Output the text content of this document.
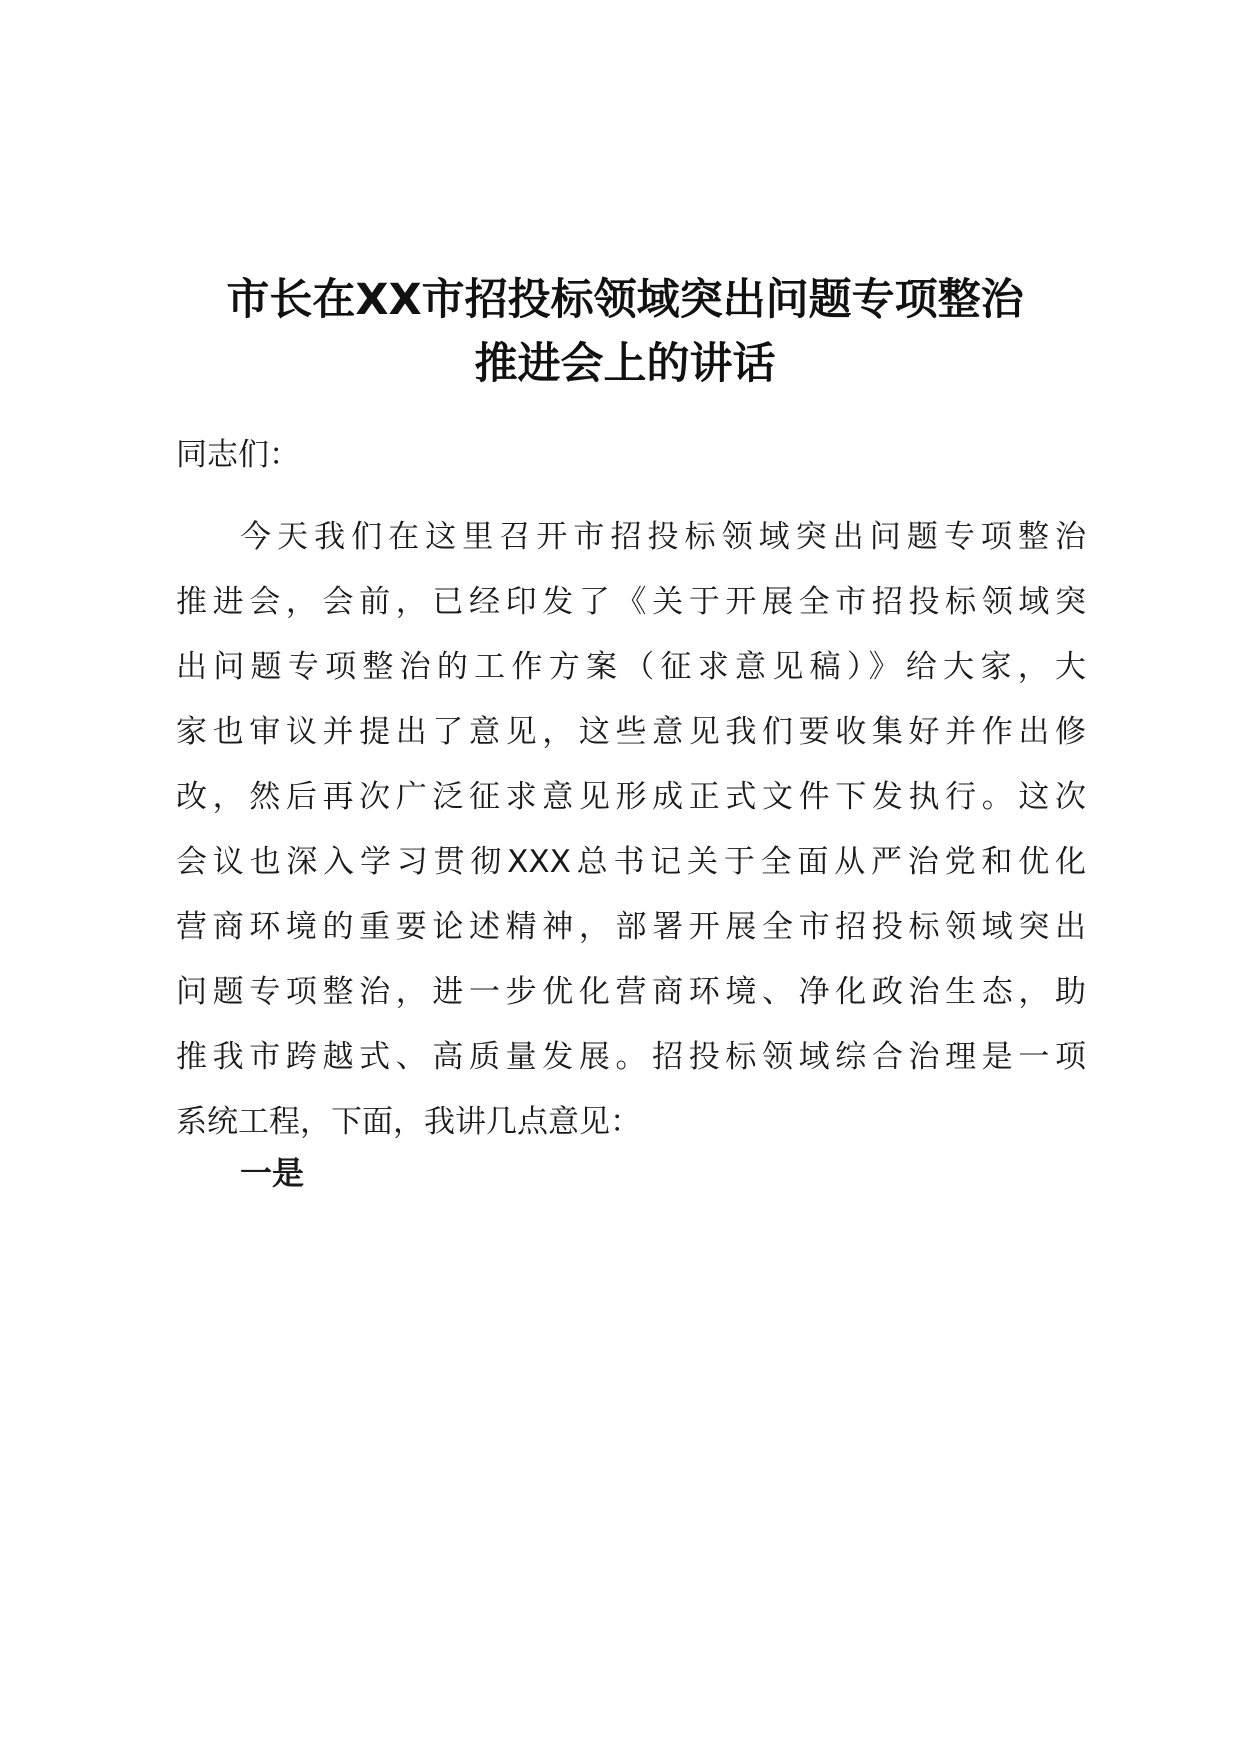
市长在XX市招投标领域突出问题专项整治
推进会上的讲话

同志们：

今天我们在这里召开市招投标领域突出问题专项整治
推进会，会前，已经印发了《关于开展全市招投标领域突
出问题专项整治的工作方案（征求意见稿）》给大家，大
家也审议并提出了意见，这些意见我们要收集好并作出修
改，然后再次广泛征求意见形成正式文件下发执行。这次
会议也深入学习贯彻XXX总书记关于全面从严治党和优化
营商环境的重要论述精神，部署开展全市招投标领域突出
问题专项整治，进一步优化营商环境、净化政治生态，助
推我市跨越式、高质量发展。招投标领域综合治理是一项
系统工程，下面，我讲几点意见：

一是
